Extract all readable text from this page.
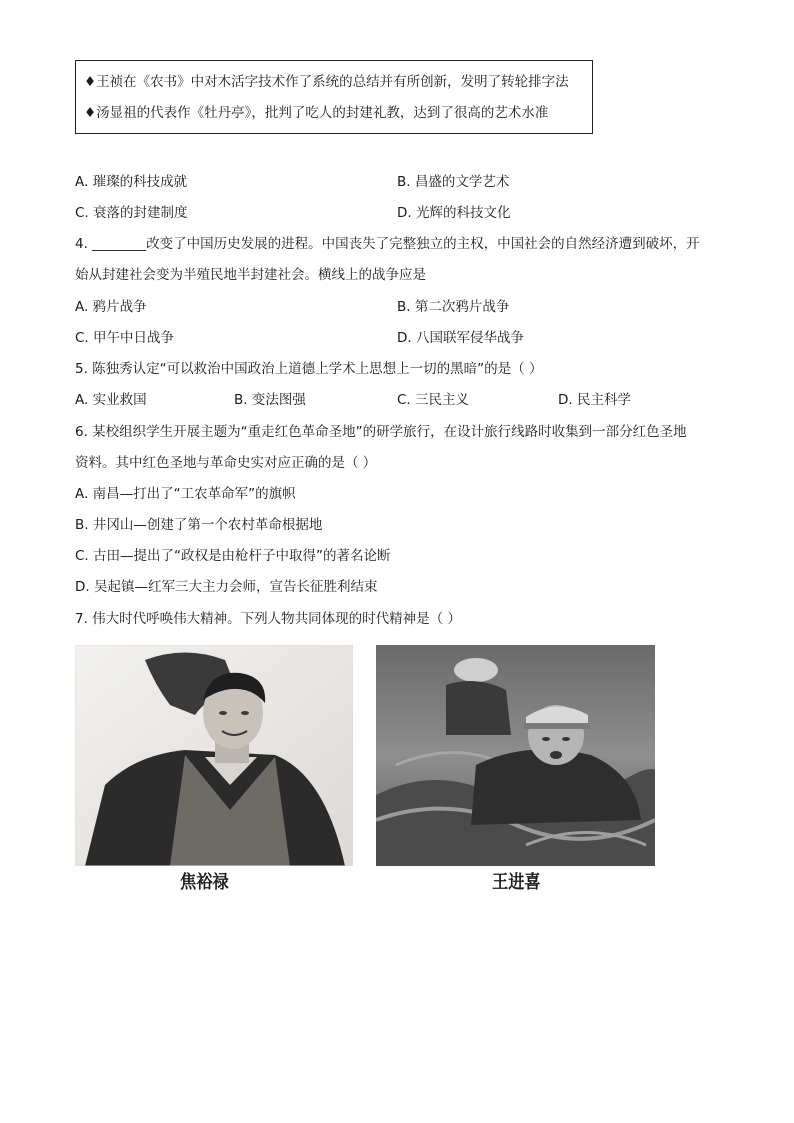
♦王祯在《农书》中对木活字技术作了系统的总结并有所创新，发明了转轮排字法
♦汤显祖的代表作《牡丹亭》，批判了吃人的封建礼教，达到了很高的艺术水准
A. 璀璨的科技成就	B. 昌盛的文学艺术
C. 衰落的封建制度	D. 光辉的科技文化
4. ________改变了中国历史发展的进程。中国丧失了完整独立的主权，中国社会的自然经济遭到破坏，开
始从封建社会变为半殖民地半封建社会。横线上的战争应是
A. 鸦片战争	B. 第二次鸦片战争
C. 甲午中日战争	D. 八国联军侵华战争
5. 陈独秀认定“可以救治中国政治上道德上学术上思想上一切的黑暗”的是（ ）
A. 实业救国	B. 变法图强	C. 三民主义	D. 民主科学
6. 某校组织学生开展主题为“重走红色革命圣地”的研学旅行，在设计旅行线路时收集到一部分红色圣地
资料。其中红色圣地与革命史实对应正确的是（ ）
A. 南昌—打出了“工农革命军”的旗帜
B. 井冈山—创建了第一个农村革命根据地
C. 古田—提出了“政权是由枪杆子中取得”的著名论断
D. 吴起镇—红军三大主力会师，宣告长征胜利结束
7. 伟大时代呼唤伟大精神。下列人物共同体现的时代精神是（ ）
焦裕禄	王进喜
